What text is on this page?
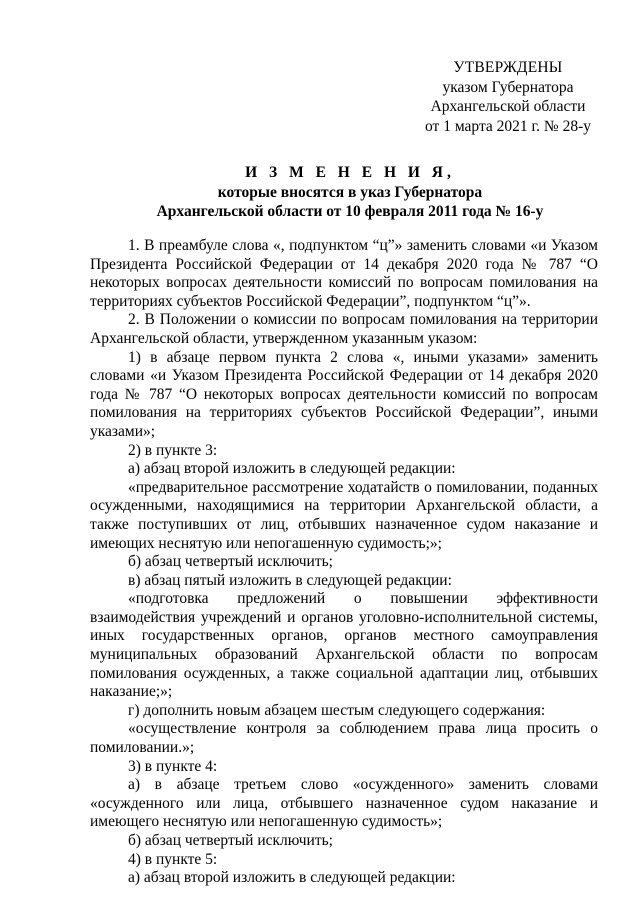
УТВЕРЖДЕНЫ
указом Губернатора
Архангельской области
от 1 марта 2021 г. № 28-у
И З М Е Н Е Н И Я,
которые вносятся в указ Губернатора
Архангельской области от 10 февраля 2011 года № 16-у

1. В преамбуле слова «, подпунктом “ц”» заменить словами «и Указом Президента Российской Федерации от 14 декабря 2020 года № 787 “О некоторых вопросах деятельности комиссий по вопросам помилования на территориях субъектов Российской Федерации”, подпунктом “ц”».

2. В Положении о комиссии по вопросам помилования на территории Архангельской области, утвержденном указанным указом:

1) в абзаце первом пункта 2 слова «, иными указами» заменить словами «и Указом Президента Российской Федерации от 14 декабря 2020 года № 787 “О некоторых вопросах деятельности комиссий по вопросам помилования на территориях субъектов Российской Федерации”, иными указами»;

2) в пункте 3:

а) абзац второй изложить в следующей редакции:

«предварительное рассмотрение ходатайств о помиловании, поданных осужденными, находящимися на территории Архангельской области, а также поступивших от лиц, отбывших назначенное судом наказание и имеющих неснятую или непогашенную судимость;»;

б) абзац четвертый исключить;

в) абзац пятый изложить в следующей редакции:

«подготовка предложений о повышении эффективности взаимодействия учреждений и органов уголовно-исполнительной системы, иных государственных органов, органов местного самоуправления муниципальных образований Архангельской области по вопросам помилования осужденных, а также социальной адаптации лиц, отбывших наказание;»;

г) дополнить новым абзацем шестым следующего содержания:

«осуществление контроля за соблюдением права лица просить о помиловании.»;

3) в пункте 4:

а) в абзаце третьем слово «осужденного» заменить словами «осужденного или лица, отбывшего назначенное судом наказание и имеющего неснятую или непогашенную судимость»;

б) абзац четвертый исключить;

4) в пункте 5:

а) абзац второй изложить в следующей редакции:
